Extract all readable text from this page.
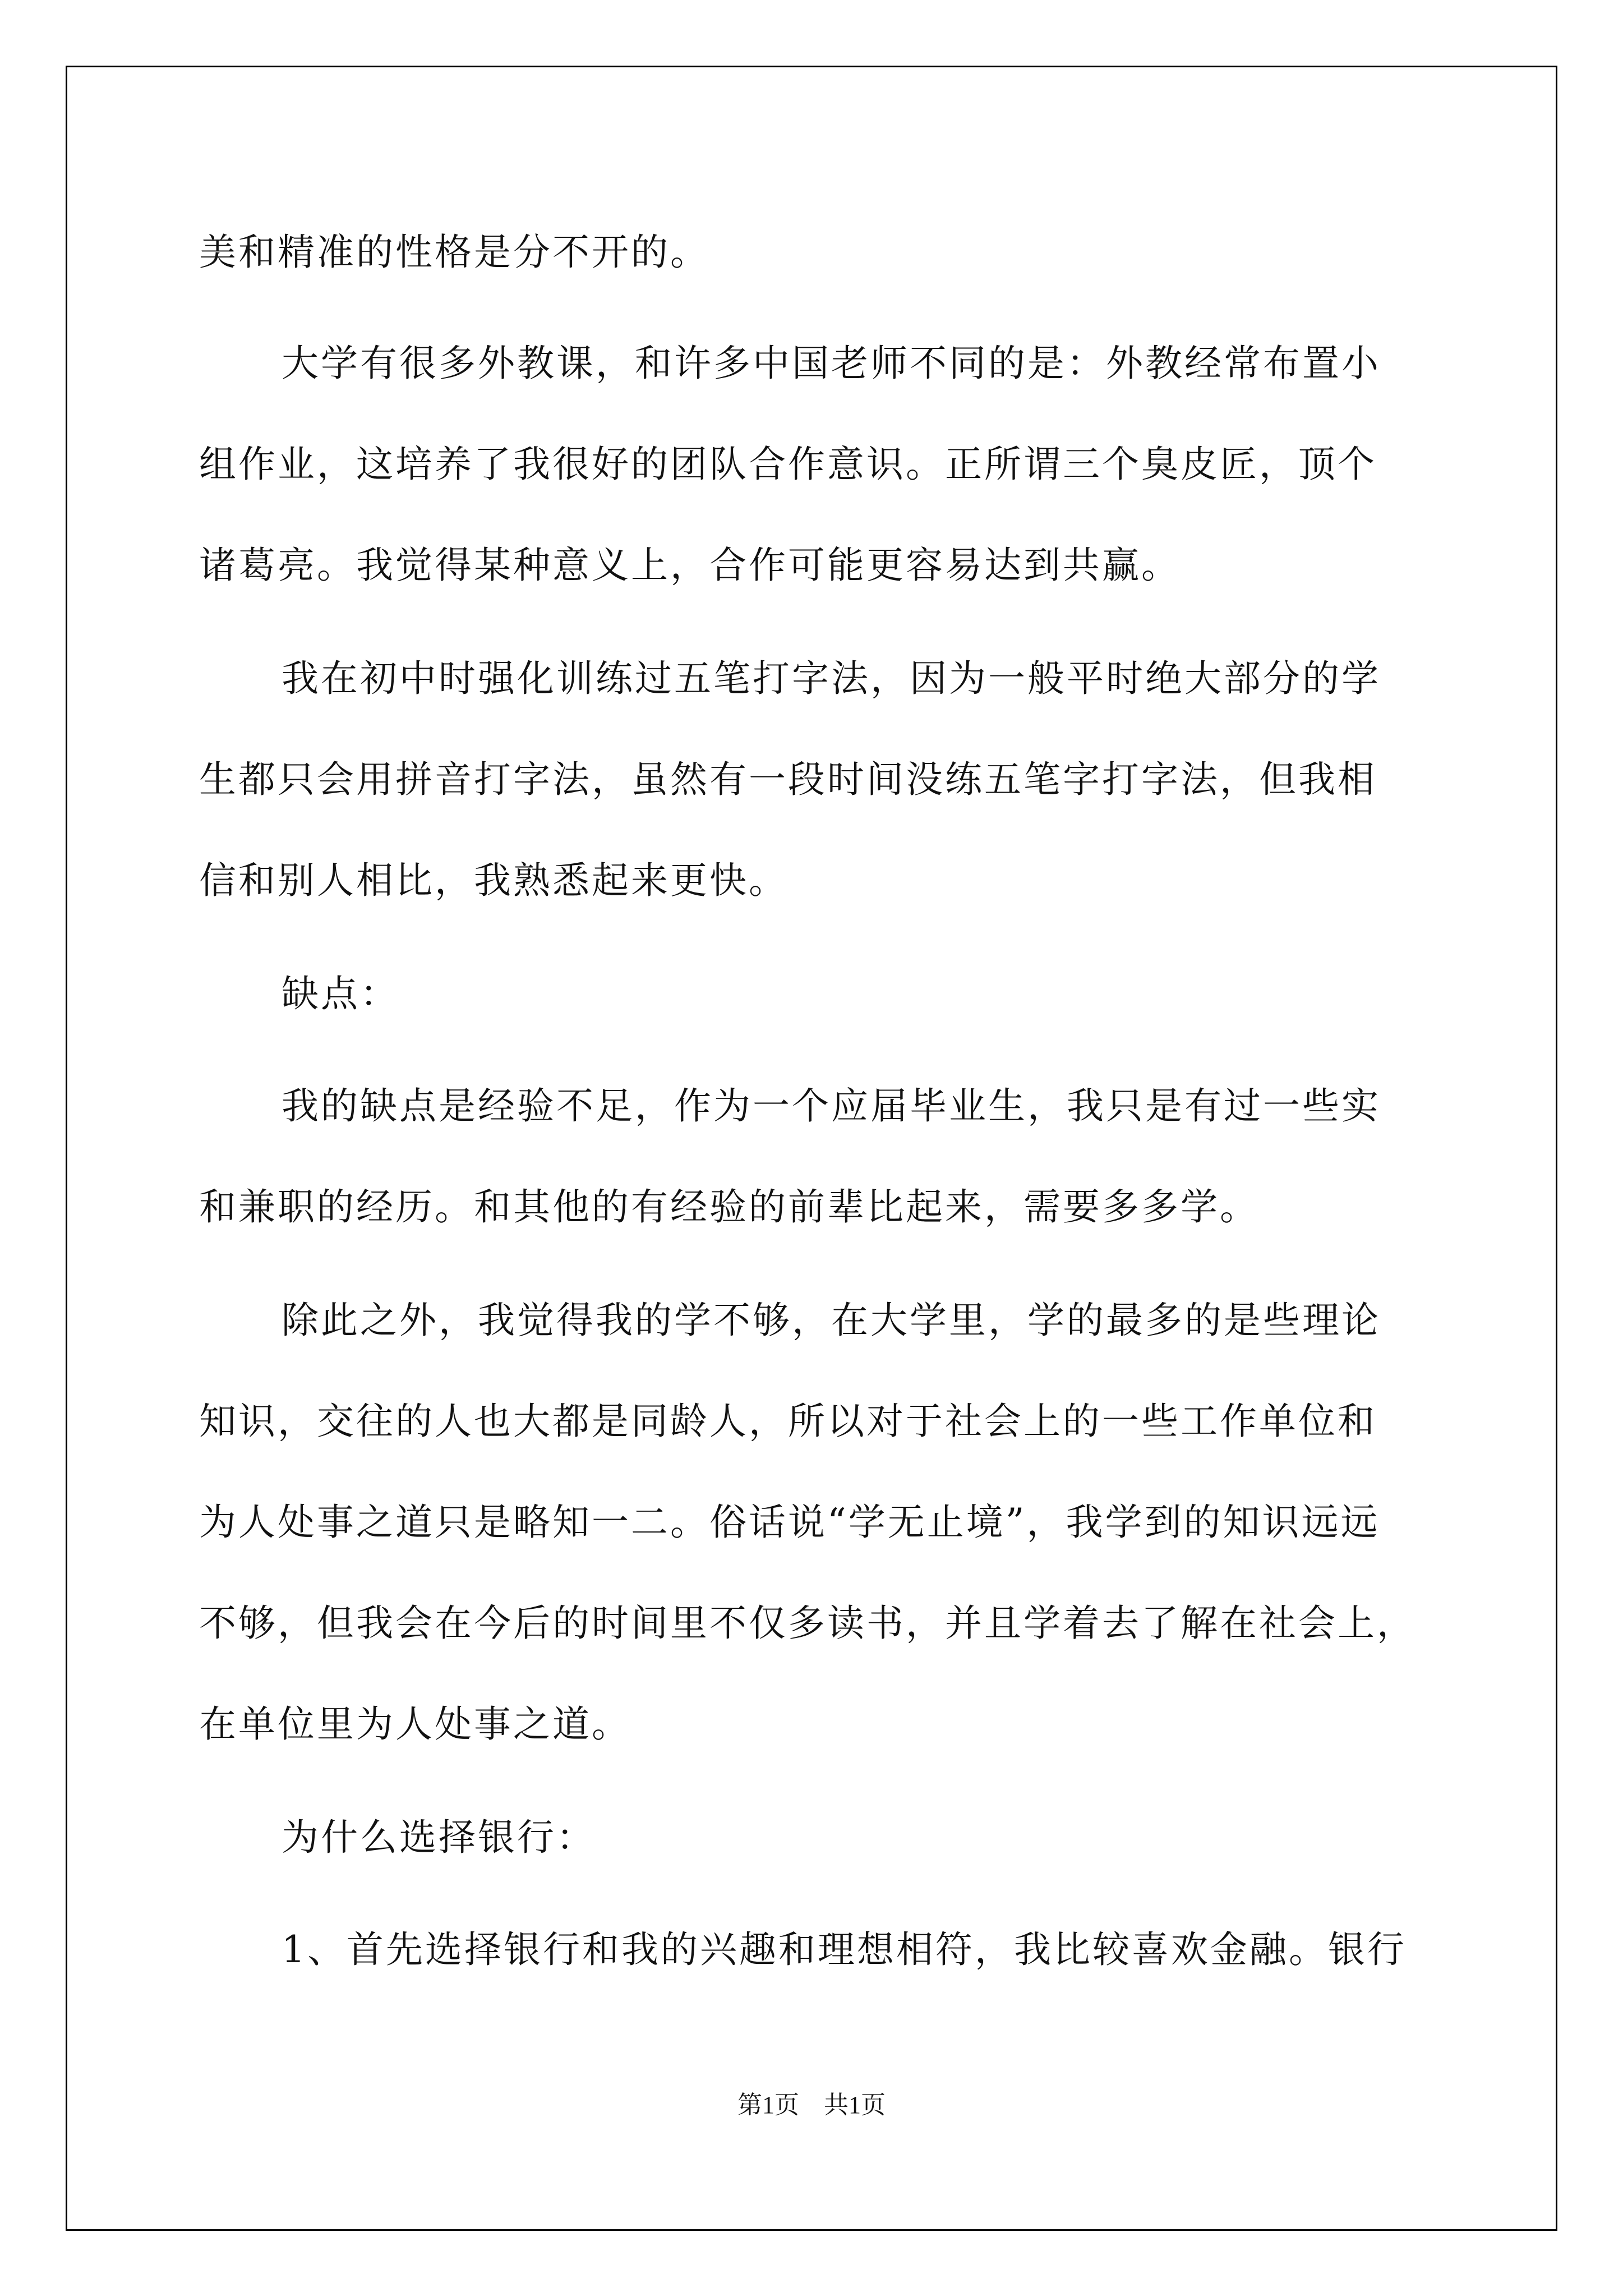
美和精准的性格是分不开的。
大学有很多外教课，和许多中国老师不同的是：外教经常布置小
组作业，这培养了我很好的团队合作意识。正所谓三个臭皮匠，顶个
诸葛亮。我觉得某种意义上，合作可能更容易达到共赢。
我在初中时强化训练过五笔打字法，因为一般平时绝大部分的学
生都只会用拼音打字法，虽然有一段时间没练五笔字打字法，但我相
信和别人相比，我熟悉起来更快。
缺点：
我的缺点是经验不足，作为一个应届毕业生，我只是有过一些实
和兼职的经历。和其他的有经验的前辈比起来，需要多多学。
除此之外，我觉得我的学不够，在大学里，学的最多的是些理论
知识，交往的人也大都是同龄人，所以对于社会上的一些工作单位和
为人处事之道只是略知一二。俗话说“学无止境”，我学到的知识远远
不够，但我会在今后的时间里不仅多读书，并且学着去了解在社会上，
在单位里为人处事之道。
为什么选择银行：
1、首先选择银行和我的兴趣和理想相符，我比较喜欢金融。银行
第1页　共1页
